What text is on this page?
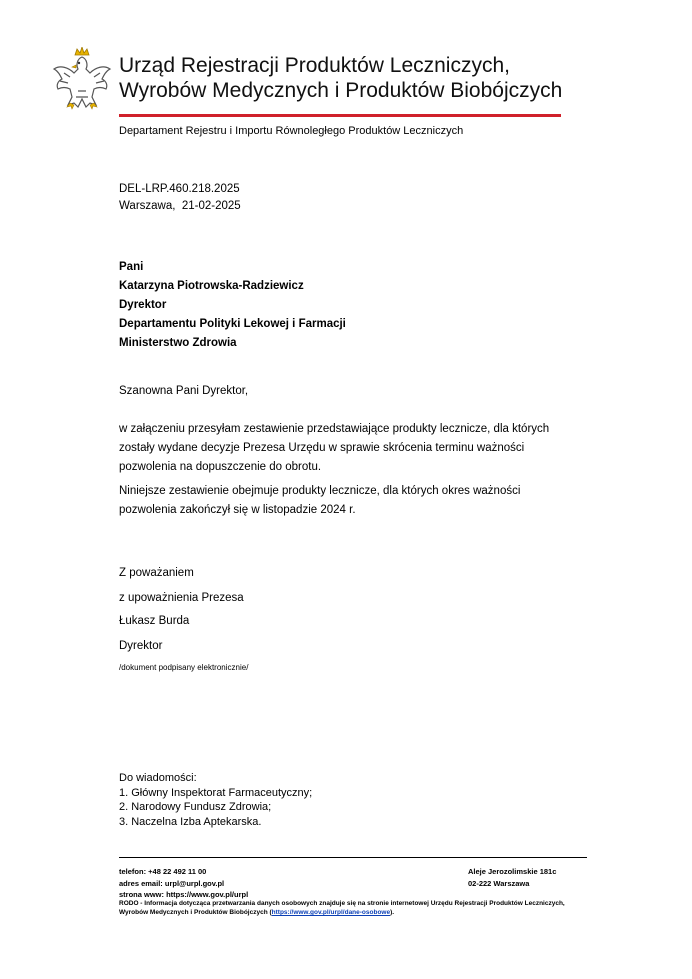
Urząd Rejestracji Produktów Leczniczych,
Wyrobów Medycznych i Produktów Biobójczych
Departament Rejestru i Importu Równoległego Produktów Leczniczych
DEL-LRP.460.218.2025
Warszawa,  21-02-2025
Pani
Katarzyna Piotrowska-Radziewicz
Dyrektor
Departamentu Polityki Lekowej i Farmacji
Ministerstwo Zdrowia
Szanowna Pani Dyrektor,
w załączeniu przesyłam zestawienie przedstawiające produkty lecznicze, dla których zostały wydane decyzje Prezesa Urzędu w sprawie skrócenia terminu ważności pozwolenia na dopuszczenie do obrotu.
Niniejsze zestawienie obejmuje produkty lecznicze, dla których okres ważności pozwolenia zakończył się w listopadzie 2024 r.
Z poważaniem
z upoważnienia Prezesa
Łukasz Burda
Dyrektor
/dokument podpisany elektronicznie/
Do wiadomości:
1. Główny Inspektorat Farmaceutyczny;
2. Narodowy Fundusz Zdrowia;
3. Naczelna Izba Aptekarska.
telefon: +48 22 492 11 00
adres email: urpl@urpl.gov.pl
strona www: https://www.gov.pl/urpl
Aleje Jerozolimskie 181c
02-222 Warszawa
RODO - Informacja dotycząca przetwarzania danych osobowych znajduje się na stronie internetowej Urzędu Rejestracji Produktów Leczniczych, Wyrobów Medycznych i Produktów Biobójczych (https://www.gov.pl/urpl/dane-osobowe).
